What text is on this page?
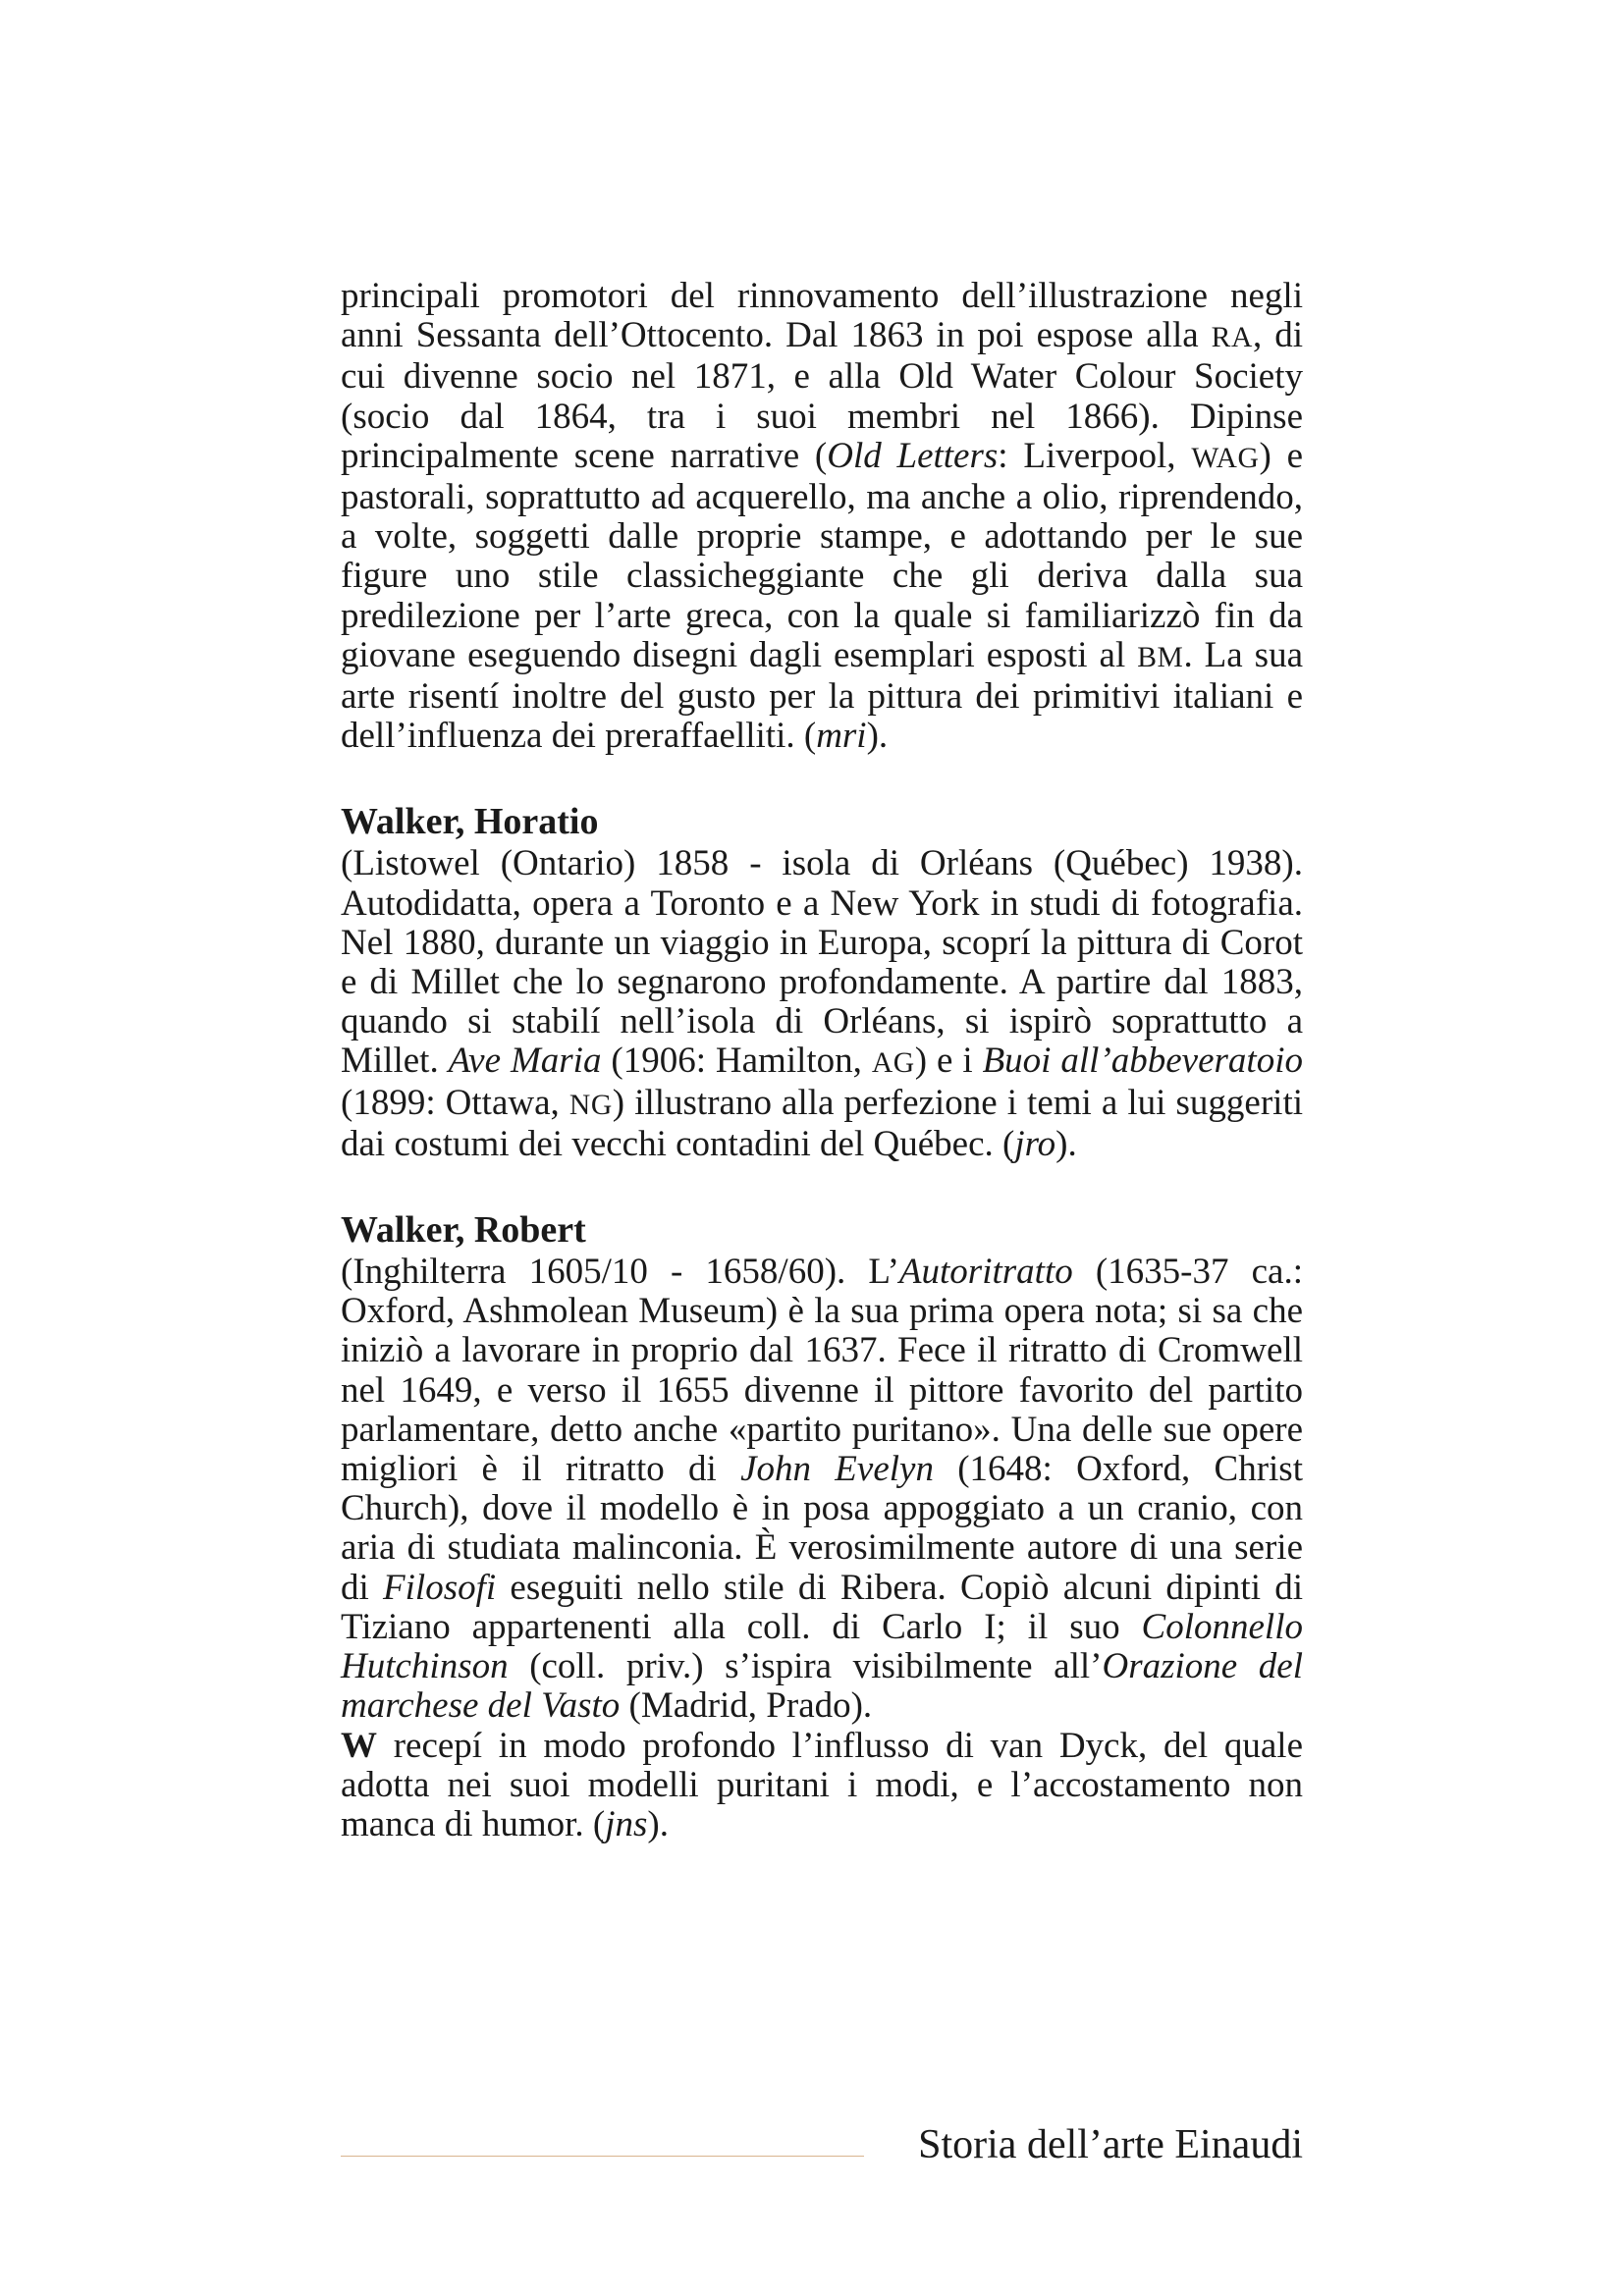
principali promotori del rinnovamento dell’illustrazione negli anni Sessanta dell’Ottocento. Dal 1863 in poi espose alla RA, di cui divenne socio nel 1871, e alla Old Water Colour Society (socio dal 1864, tra i suoi membri nel 1866). Dipinse principalmente scene narrative (Old Letters: Liverpool, WAG) e pastorali, soprattutto ad acquerello, ma anche a olio, riprendendo, a volte, soggetti dalle proprie stampe, e adottando per le sue figure uno stile classicheggiante che gli deriva dalla sua predilezione per l’arte greca, con la quale si familiarizzò fin da giovane eseguendo disegni dagli esemplari esposti al BM. La sua arte risentí inoltre del gusto per la pittura dei primitivi italiani e dell’influenza dei preraffaelliti. (mri).

Walker, Horatio

(Listowel (Ontario) 1858 - isola di Orléans (Québec) 1938). Autodidatta, opera a Toronto e a New York in studi di fotografia. Nel 1880, durante un viaggio in Europa, scoprí la pittura di Corot e di Millet che lo segnarono profondamente. A partire dal 1883, quando si stabilí nell’isola di Orléans, si ispirò soprattutto a Millet. Ave Maria (1906: Hamilton, AG) e i Buoi all’abbeveratoio (1899: Ottawa, NG) illustrano alla perfezione i temi a lui suggeriti dai costumi dei vecchi contadini del Québec. (jro).

Walker, Robert

(Inghilterra 1605/10 - 1658/60). L’Autoritratto (1635-37 ca.: Oxford, Ashmolean Museum) è la sua prima opera nota; si sa che iniziò a lavorare in proprio dal 1637. Fece il ritratto di Cromwell nel 1649, e verso il 1655 divenne il pittore favorito del partito parlamentare, detto anche «partito puritano». Una delle sue opere migliori è il ritratto di John Evelyn (1648: Oxford, Christ Church), dove il modello è in posa appoggiato a un cranio, con aria di studiata malinconia. È verosimilmente autore di una serie di Filosofi eseguiti nello stile di Ribera. Copiò alcuni dipinti di Tiziano appartenenti alla coll. di Carlo I; il suo Colonnello Hutchinson (coll. priv.) s’ispira visibilmente all’Orazione del marchese del Vasto (Madrid, Prado).

W recepí in modo profondo l’influsso di van Dyck, del quale adotta nei suoi modelli puritani i modi, e l’accostamento non manca di humor. (jns).

Storia dell’arte Einaudi
